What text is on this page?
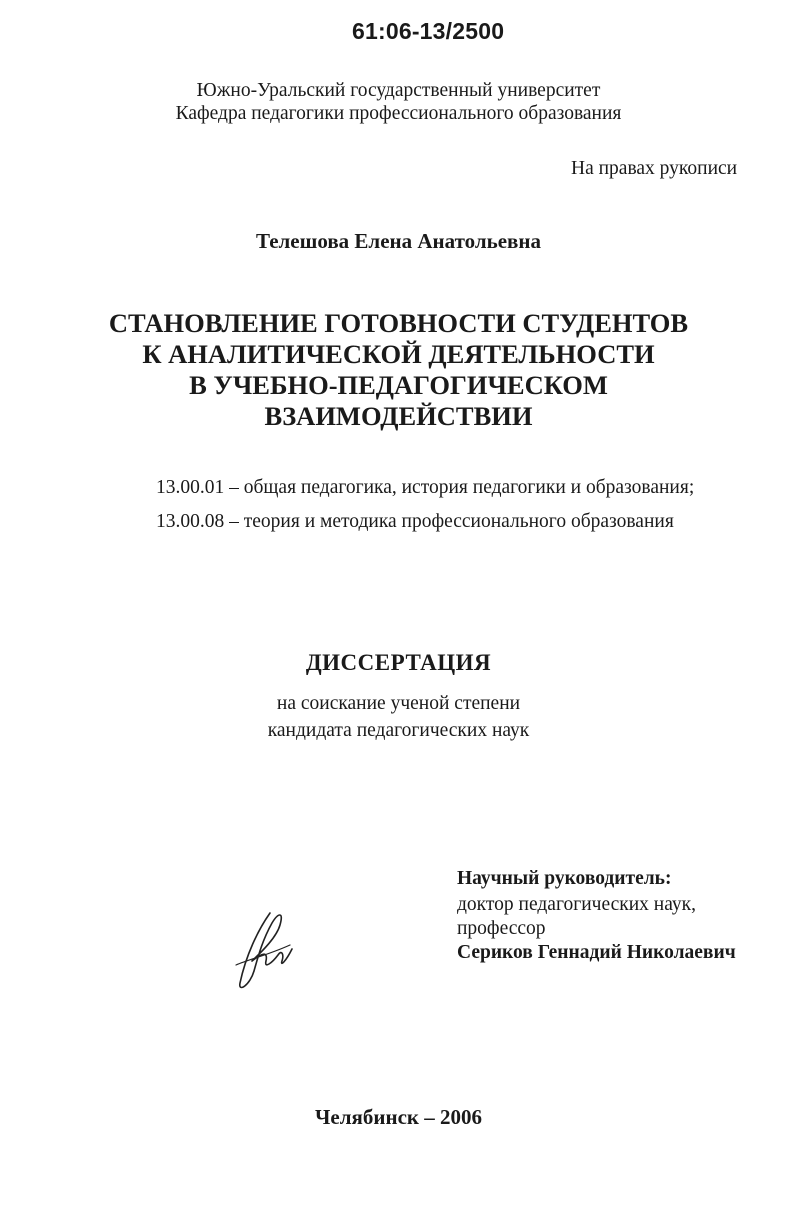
61:06-13/2500
Южно-Уральский государственный университет
Кафедра педагогики профессионального образования
На правах рукописи
Телешова Елена Анатольевна
СТАНОВЛЕНИЕ ГОТОВНОСТИ СТУДЕНТОВ
К АНАЛИТИЧЕСКОЙ ДЕЯТЕЛЬНОСТИ
В УЧЕБНО-ПЕДАГОГИЧЕСКОМ
ВЗАИМОДЕЙСТВИИ
13.00.01 – общая педагогика, история педагогики и образования;
13.00.08 – теория и методика профессионального образования
ДИССЕРТАЦИЯ
на соискание ученой степени
кандидата педагогических наук
Научный руководитель:
доктор педагогических наук,
профессор
Сериков Геннадий Николаевич
Челябинск – 2006
